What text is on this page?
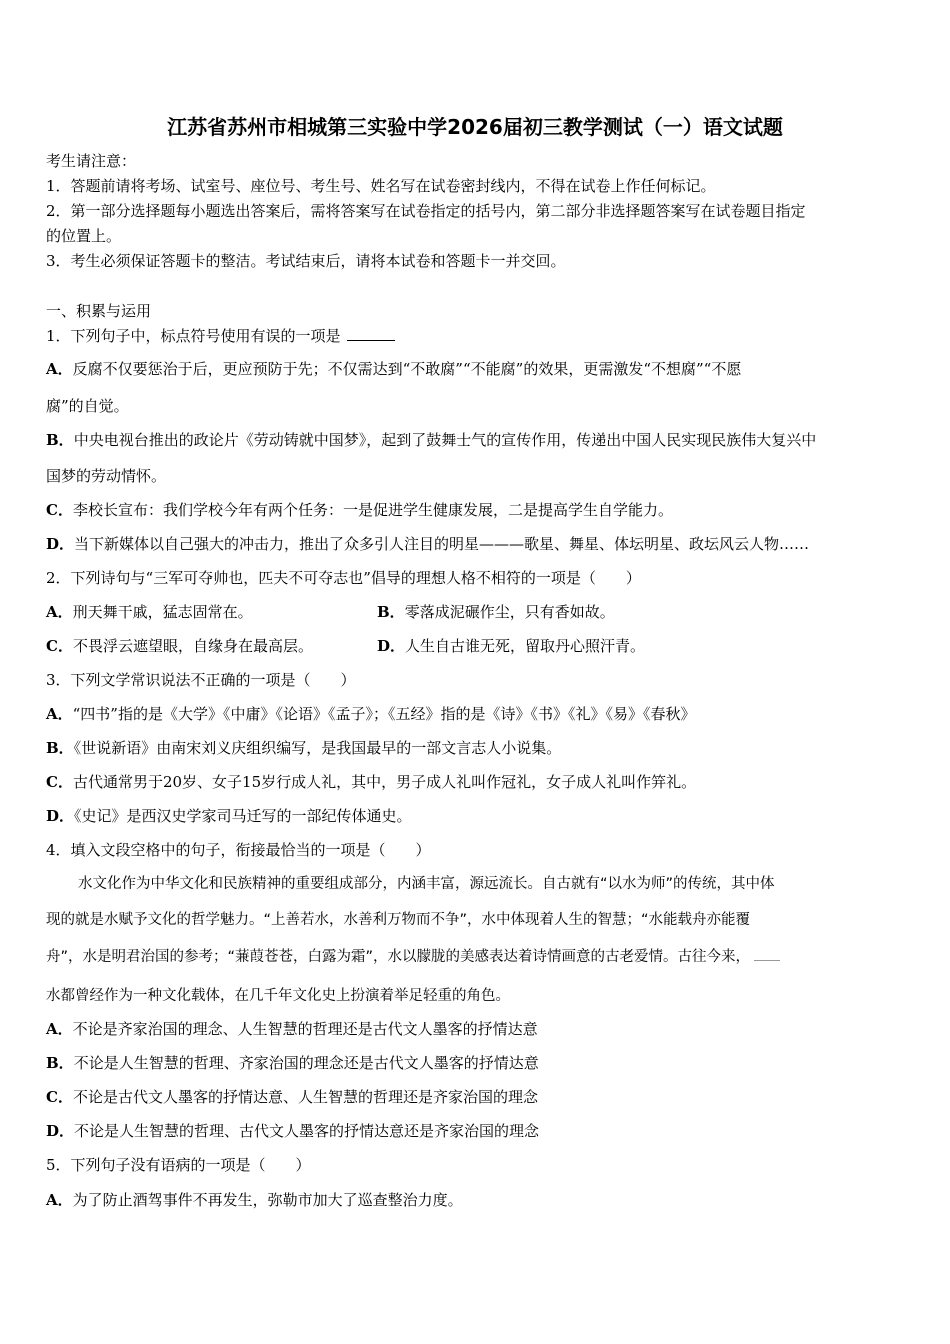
江苏省苏州市相城第三实验中学2026届初三教学测试（一）语文试题
考生请注意：
1．答题前请将考场、试室号、座位号、考生号、姓名写在试卷密封线内，不得在试卷上作任何标记。
2．第一部分选择题每小题选出答案后，需将答案写在试卷指定的括号内，第二部分非选择题答案写在试卷题目指定
的位置上。
3．考生必须保证答题卡的整洁。考试结束后，请将本试卷和答题卡一并交回。
一、积累与运用
1．下列句子中，标点符号使用有误的一项是
A．反腐不仅要惩治于后，更应预防于先；不仅需达到“不敢腐”“不能腐”的效果，更需激发“不想腐”“不愿
腐”的自觉。
B．中央电视台推出的政论片《劳动铸就中国梦》，起到了鼓舞士气的宣传作用，传递出中国人民实现民族伟大复兴中
国梦的劳动情怀。
C．李校长宣布：我们学校今年有两个任务：一是促进学生健康发展，二是提高学生自学能力。
D．当下新媒体以自己强大的冲击力，推出了众多引人注目的明星———歌星、舞星、体坛明星、政坛风云人物……
2．下列诗句与“三军可夺帅也，匹夫不可夺志也”倡导的理想人格不相符的一项是（　　）
A．刑天舞干戚，猛志固常在。	B．零落成泥碾作尘，只有香如故。
C．不畏浮云遮望眼，自缘身在最高层。	D．人生自古谁无死，留取丹心照汗青。
3．下列文学常识说法不正确的一项是（　　）
A．“四书”指的是《大学》《中庸》《论语》《孟子》；《五经》指的是《诗》《书》《礼》《易》《春秋》
B．《世说新语》由南宋刘义庆组织编写，是我国最早的一部文言志人小说集。
C．古代通常男于20岁、女子15岁行成人礼，其中，男子成人礼叫作冠礼，女子成人礼叫作笄礼。
D．《史记》是西汉史学家司马迁写的一部纪传体通史。
4．填入文段空格中的句子，衔接最恰当的一项是（　　）
水文化作为中华文化和民族精神的重要组成部分，内涵丰富，源远流长。自古就有“以水为师”的传统，其中体
现的就是水赋予文化的哲学魅力。“上善若水，水善利万物而不争”，水中体现着人生的智慧；“水能载舟亦能覆
舟”，水是明君治国的参考；“蒹葭苍苍，白露为霜”，水以朦胧的美感表达着诗情画意的古老爱情。古往今来，
水都曾经作为一种文化载体，在几千年文化史上扮演着举足轻重的角色。
A．不论是齐家治国的理念、人生智慧的哲理还是古代文人墨客的抒情达意
B．不论是人生智慧的哲理、齐家治国的理念还是古代文人墨客的抒情达意
C．不论是古代文人墨客的抒情达意、人生智慧的哲理还是齐家治国的理念
D．不论是人生智慧的哲理、古代文人墨客的抒情达意还是齐家治国的理念
5．下列句子没有语病的一项是（　　）
A．为了防止酒驾事件不再发生，弥勒市加大了巡查整治力度。
